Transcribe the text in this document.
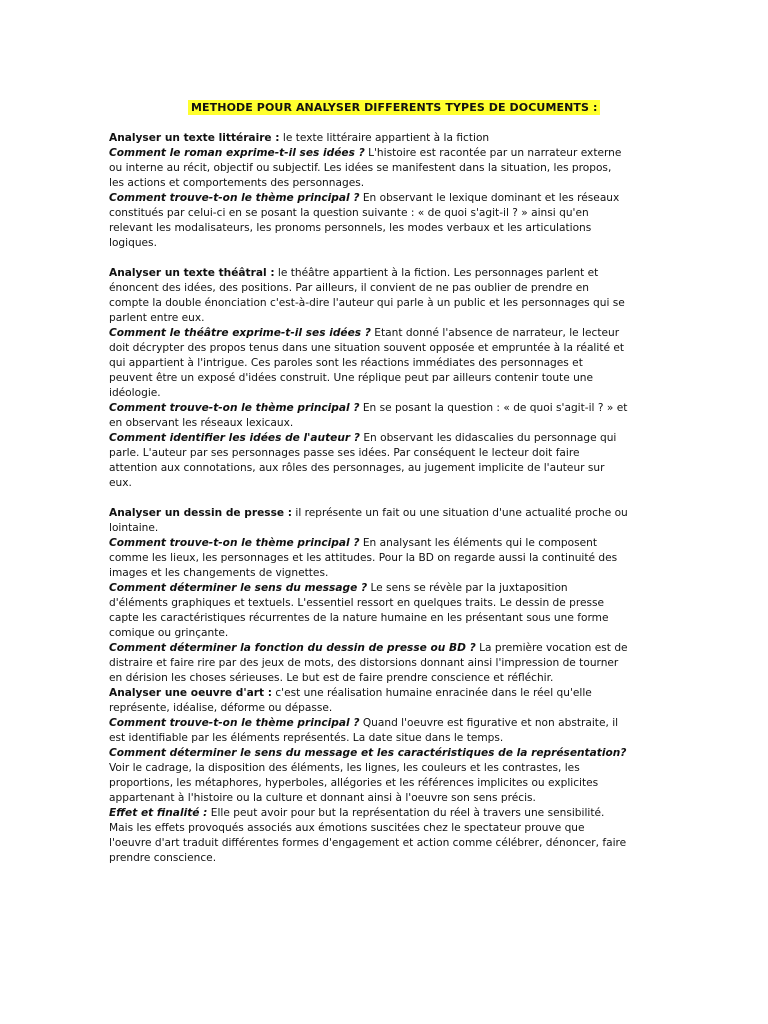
METHODE POUR ANALYSER DIFFERENTS TYPES DE DOCUMENTS :

Analyser un texte littéraire : le texte littéraire appartient à la fiction

Comment le roman exprime-t-il ses idées ? L'histoire est racontée par un narrateur externe ou interne au récit, objectif ou subjectif. Les idées se manifestent dans la situation, les propos, les actions et comportements des personnages.

Comment trouve-t-on le thème principal ? En observant le lexique dominant et les réseaux constitués par celui-ci en se posant la question suivante : « de quoi s'agit-il ? » ainsi qu'en relevant les modalisateurs, les pronoms personnels, les modes verbaux et les articulations logiques.

Analyser un texte théâtral : le théâtre appartient à la fiction. Les personnages parlent et énoncent des idées, des positions. Par ailleurs, il convient de ne pas oublier de prendre en compte la double énonciation c'est-à-dire l'auteur qui parle à un public et les personnages qui se parlent entre eux.

Comment le théâtre exprime-t-il ses idées ? Etant donné l'absence de narrateur, le lecteur doit décrypter des propos tenus dans une situation souvent opposée et empruntée à la réalité et qui appartient à l'intrigue. Ces paroles sont les réactions immédiates des personnages et peuvent être un exposé d'idées construit. Une réplique peut par ailleurs contenir toute une idéologie.

Comment trouve-t-on le thème principal ? En se posant la question : « de quoi s'agit-il ? » et en observant les réseaux lexicaux.

Comment identifier les idées de l'auteur ? En observant les didascalies du personnage qui parle. L'auteur par ses personnages passe ses idées. Par conséquent le lecteur doit faire attention aux connotations, aux rôles des personnages, au jugement implicite de l'auteur sur eux.

Analyser un dessin de presse : il représente un fait ou une situation d'une actualité proche ou lointaine.

Comment trouve-t-on le thème principal ? En analysant les éléments qui le composent comme les lieux, les personnages et les attitudes. Pour la BD on regarde aussi la continuité des images et les changements de vignettes.

Comment déterminer le sens du message ? Le sens se révèle par la juxtaposition d'éléments graphiques et textuels. L'essentiel ressort en quelques traits. Le dessin de presse capte les caractéristiques récurrentes de la nature humaine en les présentant sous une forme comique ou grinçante.

Comment déterminer la fonction du dessin de presse ou BD ? La première vocation est de distraire et faire rire par des jeux de mots, des distorsions donnant ainsi l'impression de tourner en dérision les choses sérieuses. Le but est de faire prendre conscience et réfléchir.

Analyser une oeuvre d'art : c'est une réalisation humaine enracinée dans le réel qu'elle représente, idéalise, déforme ou dépasse.

Comment trouve-t-on le thème principal ? Quand l'oeuvre est figurative et non abstraite, il est identifiable par les éléments représentés. La date situe dans le temps.

Comment déterminer le sens du message et les caractéristiques de la représentation? Voir le cadrage, la disposition des éléments, les lignes, les couleurs et les contrastes, les proportions, les métaphores, hyperboles, allégories et les références implicites ou explicites appartenant à l'histoire ou la culture et donnant ainsi à l'oeuvre son sens précis.

Effet et finalité : Elle peut avoir pour but la représentation du réel à travers une sensibilité. Mais les effets provoqués associés aux émotions suscitées chez le spectateur prouve que l'oeuvre d'art traduit différentes formes d'engagement et action comme célébrer, dénoncer, faire prendre conscience.
